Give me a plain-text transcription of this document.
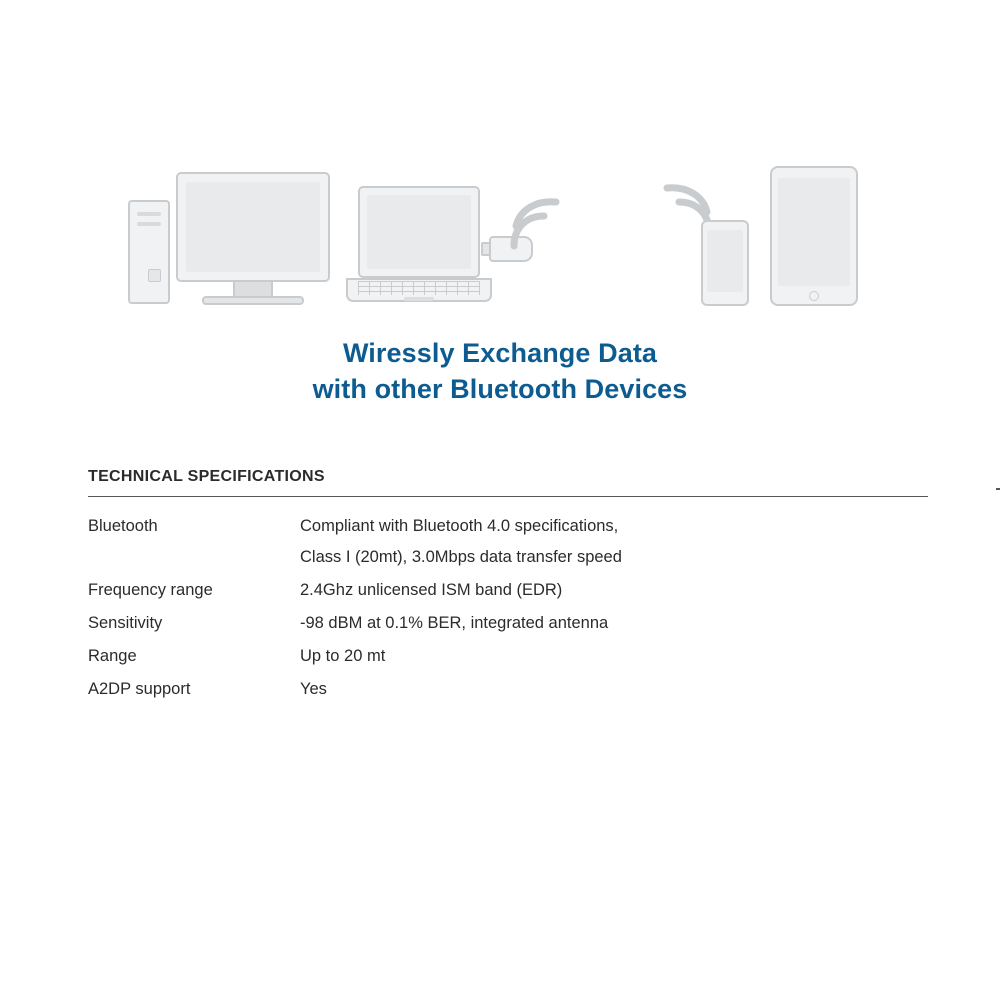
Wiressly Exchange Data
with other Bluetooth Devices
TECHNICAL SPECIFICATIONS
Bluetooth	Compliant with Bluetooth 4.0 specifications,
Class I (20mt), 3.0Mbps data transfer speed
Frequency range	2.4Ghz unlicensed ISM band (EDR)
Sensitivity	-98 dBM at 0.1% BER, integrated antenna
Range	Up to 20 mt
A2DP support	Yes
